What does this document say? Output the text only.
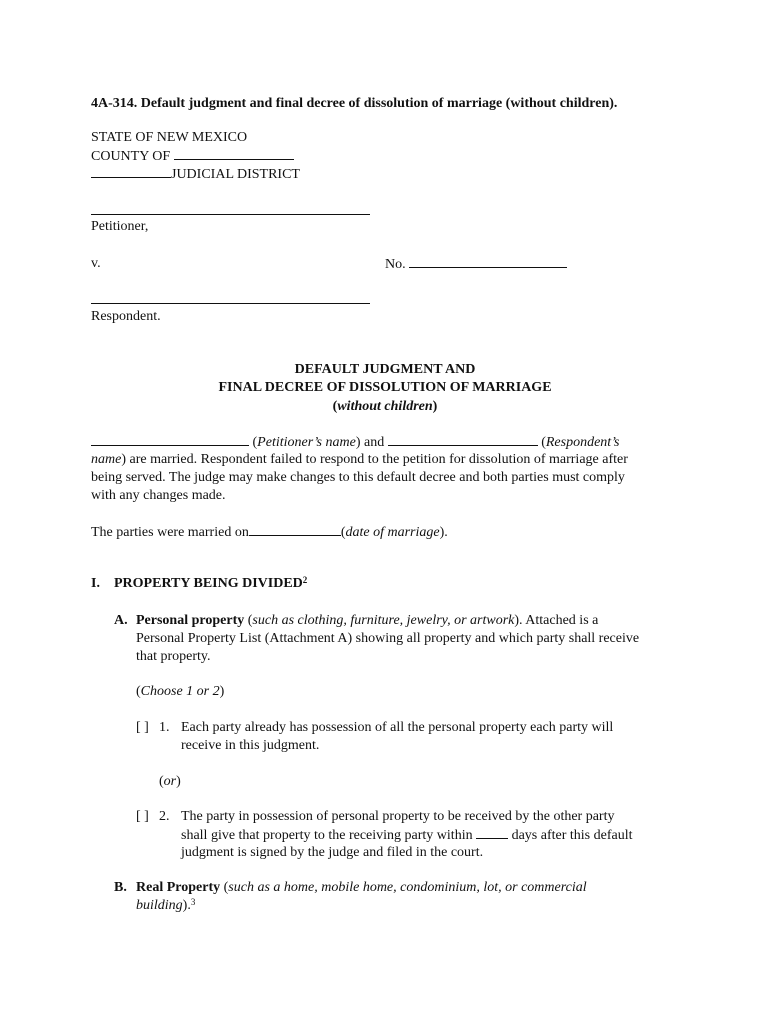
4A-314. Default judgment and final decree of dissolution of marriage (without children).
STATE OF NEW MEXICO
COUNTY OF
JUDICIAL DISTRICT
Petitioner,
v.	No.
Respondent.
DEFAULT JUDGMENT AND
FINAL DECREE OF DISSOLUTION OF MARRIAGE
(without children)
(Petitioner’s name) and	(Respondent’s
name) are married. Respondent failed to respond to the petition for dissolution of marriage after
being served. The judge may make changes to this default decree and both parties must comply
with any changes made.
The parties were married on	(date of marriage).
I. PROPERTY BEING DIVIDED$^2$
A. Personal property (such as clothing, furniture, jewelry, or artwork). Attached is a
Personal Property List (Attachment A) showing all property and which party shall receive
that property.
(Choose 1 or 2)
[ ] 1. Each party already has possession of all the personal property each party will
receive in this judgment.
(or)
[ ] 2. The party in possession of personal property to be received by the other party
shall give that property to the receiving party within	days after this default
judgment is signed by the judge and filed in the court.
B. Real Property (such as a home, mobile home, condominium, lot, or commercial
building).$^3$
